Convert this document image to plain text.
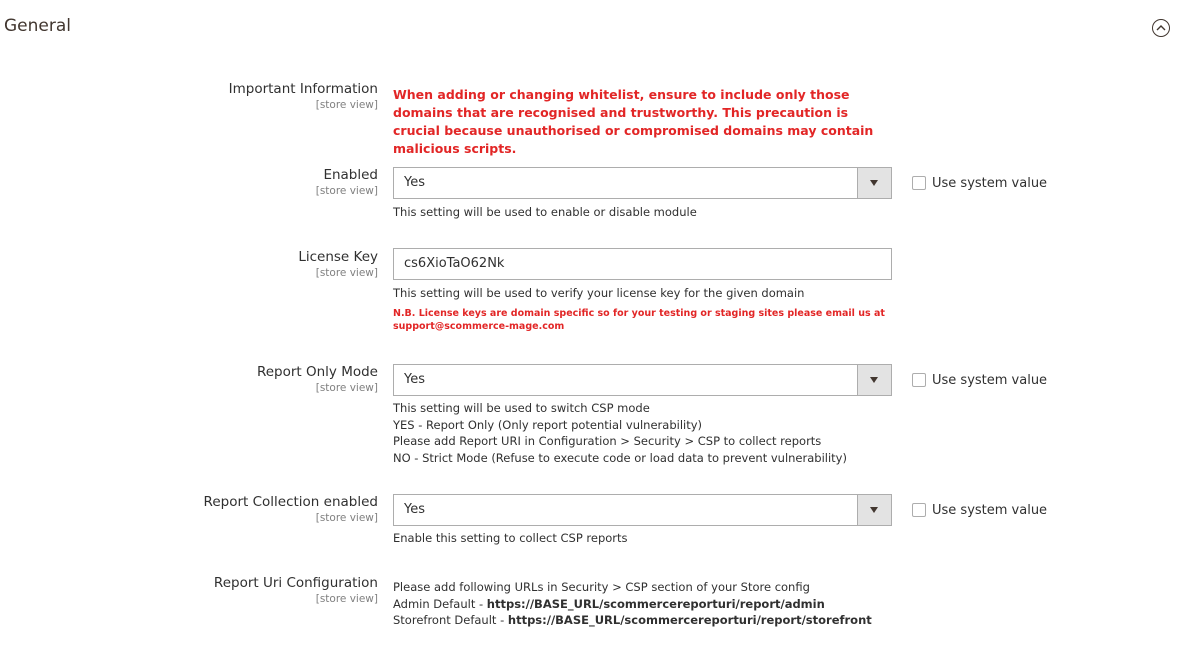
General
Important Information
[store view]
When adding or changing whitelist, ensure to include only those domains that are recognised and trustworthy. This precaution is crucial because unauthorised or compromised domains may contain malicious scripts.
Enabled
[store view]
Yes	Use system value
This setting will be used to enable or disable module
License Key
[store view]
cs6XioTaO62Nk
This setting will be used to verify your license key for the given domain
N.B. License keys are domain specific so for your testing or staging sites please email us at support@scommerce-mage.com
Report Only Mode
[store view]
Yes	Use system value
This setting will be used to switch CSP mode
YES - Report Only (Only report potential vulnerability)
Please add Report URI in Configuration > Security > CSP to collect reports
NO - Strict Mode (Refuse to execute code or load data to prevent vulnerability)
Report Collection enabled
[store view]
Yes	Use system value
Enable this setting to collect CSP reports
Report Uri Configuration
[store view]
Please add following URLs in Security > CSP section of your Store config
Admin Default - https://BASE_URL/scommercereporturi/report/admin
Storefront Default - https://BASE_URL/scommercereporturi/report/storefront
